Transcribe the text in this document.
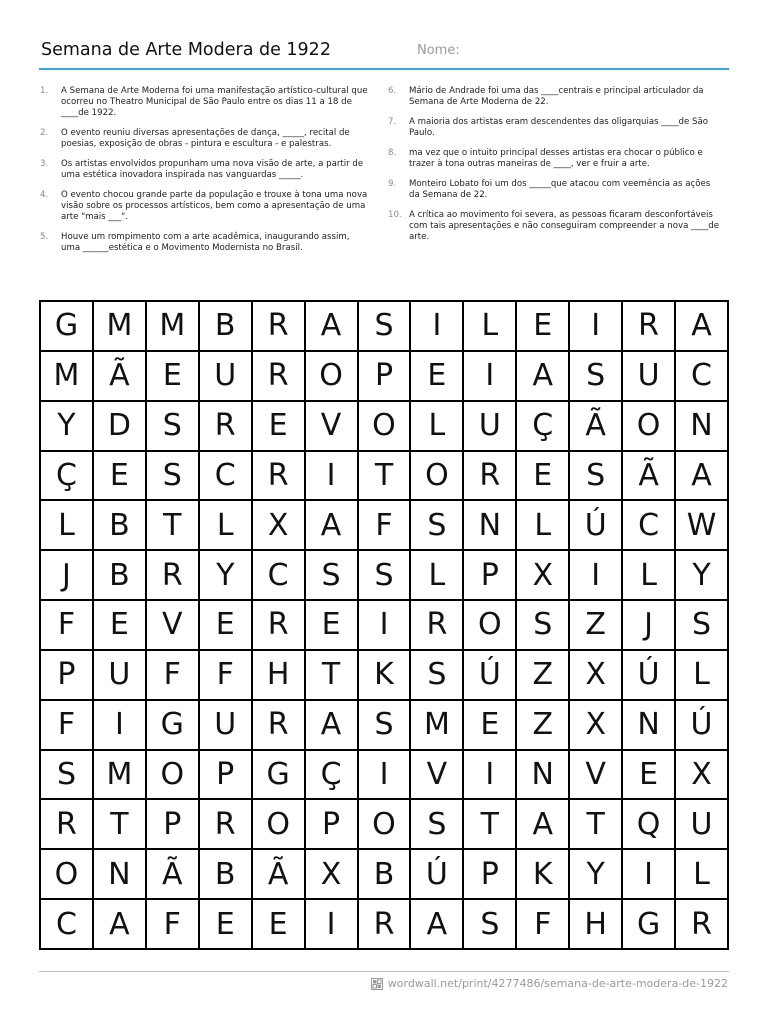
Semana de Arte Modera de 1922	Nome:
1. A Semana de Arte Moderna foi uma manifestação artístico-cultural que ocorreu no Theatro Municipal de São Paulo entre os dias 11 a 18 de ____de 1922.
2. O evento reuniu diversas apresentações de dança, _____, recital de poesias, exposição de obras - pintura e escultura - e palestras.
3. Os artistas envolvidos propunham uma nova visão de arte, a partir de uma estética inovadora inspirada nas vanguardas _____.
4. O evento chocou grande parte da população e trouxe à tona uma nova visão sobre os processos artísticos, bem como a apresentação de uma arte "mais ___".
5. Houve um rompimento com a arte acadêmica, inaugurando assim, uma ______estética e o Movimento Modernista no Brasil.
6. Mário de Andrade foi uma das ____centrais e principal articulador da Semana de Arte Moderna de 22.
7. A maioria dos artistas eram descendentes das oligarquias ____de São Paulo.
8. ma vez que o intuito principal desses artistas era chocar o público e trazer à tona outras maneiras de ____, ver e fruir a arte.
9. Monteiro Lobato foi um dos _____que atacou com veemência as ações da Semana de 22.
10. A crítica ao movimento foi severa, as pessoas ficaram desconfortáveis com tais apresentações e não conseguiram compreender a nova ____de arte.
G M M B	R	A	S	I	L	E	I	R	A
M Ã	E	U	R	O	P	E	I	A	S	U	C
Y	D	S	R	E	V	O	L	U	Ç	Ã	O N
Ç	E	S	C	R	I	T	O	R	E	S	Ã	A
L	B	T	L	X	A	F	S	N	L	Ú	C W
J	B	R	Y	C	S	S	L	P	X	I	L	Y
F	E	V	E	R	E	I	R	O	S	Z	J	S
P	U	F	F	H	T	K	S	Ú	Z	X	Ú	L
F	I	G	U	R	A	S	M	E	Z	X	N	Ú
S	M O	P	G	Ç	I	V	I	N	V	E	X
R	T	P	R	O	P	O	S	T	A	T	Q	U
O N	Ã	B	Ã	X	B	Ú	P	K	Y	I	L
C	A	F	E	E	I	R	A	S	F	H	G	R
wordwall.net/print/4277486/semana-de-arte-modera-de-1922
